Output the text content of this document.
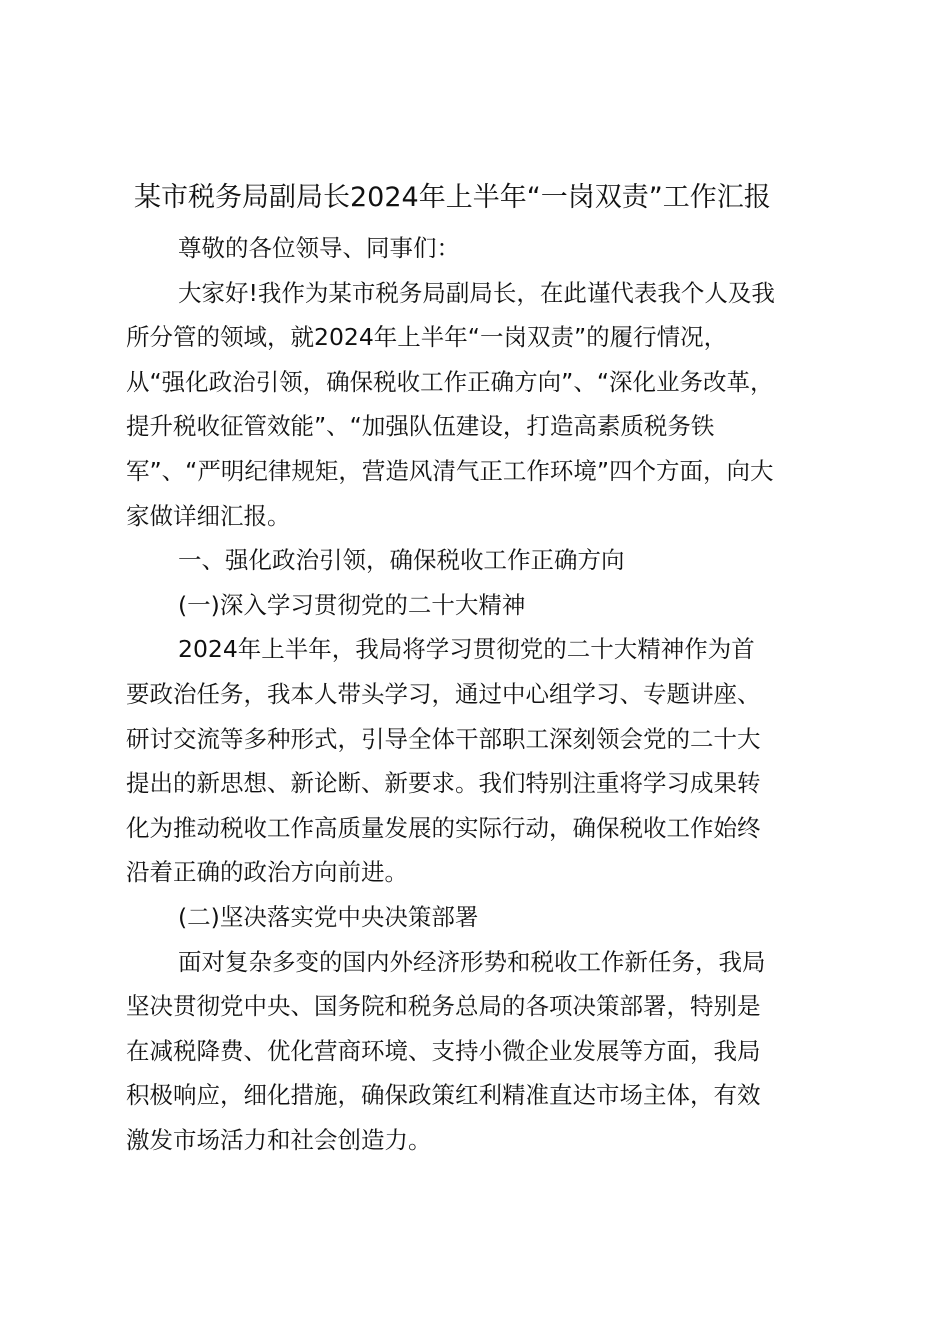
某市税务局副局长2024年上半年“一岗双责”工作汇报
尊敬的各位领导、同事们：
大家好!我作为某市税务局副局长，在此谨代表我个人及我
所分管的领域，就2024年上半年“一岗双责”的履行情况，
从“强化政治引领，确保税收工作正确方向”、“深化业务改革，
提升税收征管效能”、“加强队伍建设，打造高素质税务铁
军”、“严明纪律规矩，营造风清气正工作环境”四个方面，向大
家做详细汇报。
一、强化政治引领，确保税收工作正确方向
(一)深入学习贯彻党的二十大精神
2024年上半年，我局将学习贯彻党的二十大精神作为首
要政治任务，我本人带头学习，通过中心组学习、专题讲座、
研讨交流等多种形式，引导全体干部职工深刻领会党的二十大
提出的新思想、新论断、新要求。我们特别注重将学习成果转
化为推动税收工作高质量发展的实际行动，确保税收工作始终
沿着正确的政治方向前进。
(二)坚决落实党中央决策部署
面对复杂多变的国内外经济形势和税收工作新任务，我局
坚决贯彻党中央、国务院和税务总局的各项决策部署，特别是
在减税降费、优化营商环境、支持小微企业发展等方面，我局
积极响应，细化措施，确保政策红利精准直达市场主体，有效
激发市场活力和社会创造力。
